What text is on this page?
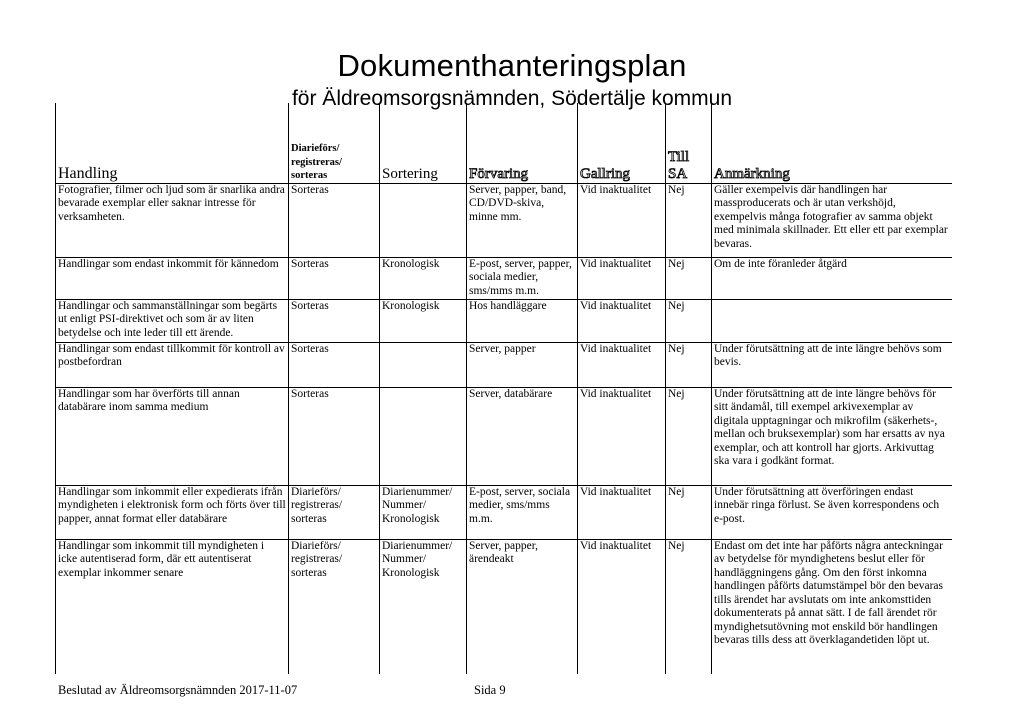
Dokumenthanteringsplan
för Äldreomsorgsnämnden, Södertälje kommun
Handling	Diarieförs/ registreras/ sorteras	Sortering	Förvaring	Gallring	Till SA	Anmärkning
Fotografier, filmer och ljud som är snarlika andra bevarade exemplar eller saknar intresse för verksamheten.	Sorteras		Server, papper, band, CD/DVD-skiva, minne mm.	Vid inaktualitet	Nej	Gäller exempelvis där handlingen har massproducerats och är utan verkshöjd, exempelvis många fotografier av samma objekt med minimala skillnader. Ett eller ett par exemplar bevaras.
Handlingar som endast inkommit för kännedom	Sorteras	Kronologisk	E-post, server, papper, sociala medier, sms/mms m.m.	Vid inaktualitet	Nej	Om de inte föranleder åtgärd
Handlingar och sammanställningar som begärts ut enligt PSI-direktivet och som är av liten betydelse och inte leder till ett ärende.	Sorteras	Kronologisk	Hos handläggare	Vid inaktualitet	Nej	
Handlingar som endast tillkommit för kontroll av postbefordran	Sorteras		Server, papper	Vid inaktualitet	Nej	Under förutsättning att de inte längre behövs som bevis.
Handlingar som har överförts till annan databärare inom samma medium	Sorteras		Server, databärare	Vid inaktualitet	Nej	Under förutsättning att de inte längre behövs för sitt ändamål, till exempel arkivexemplar av digitala upptagningar och mikrofilm (säkerhets-, mellan och bruksexemplar) som har ersatts av nya exemplar, och att kontroll har gjorts. Arkivuttag ska vara i godkänt format.
Handlingar som inkommit eller expedierats ifrån myndigheten i elektronisk form och förts över till papper, annat format eller databärare	Diarieförs/ registreras/ sorteras	Diarienummer/ Nummer/ Kronologisk	E-post, server, sociala medier, sms/mms m.m.	Vid inaktualitet	Nej	Under förutsättning att överföringen endast innebär ringa förlust. Se även korrespondens och e-post.
Handlingar som inkommit till myndigheten i icke autentiserad form, där ett autentiserat exemplar inkommer senare	Diarieförs/ registreras/ sorteras	Diarienummer/ Nummer/ Kronologisk	Server, papper, ärendeakt	Vid inaktualitet	Nej	Endast om det inte har påförts några anteckningar av betydelse för myndighetens beslut eller för handläggningens gång. Om den först inkomna handlingen påförts datumstämpel bör den bevaras tills ärendet har avslutats om inte ankomsttiden dokumenterats på annat sätt. I de fall ärendet rör myndighetsutövning mot enskild bör handlingen bevaras tills dess att överklagandetiden löpt ut.
Beslutad av Äldreomsorgsnämnden 2017-11-07	Sida 9
